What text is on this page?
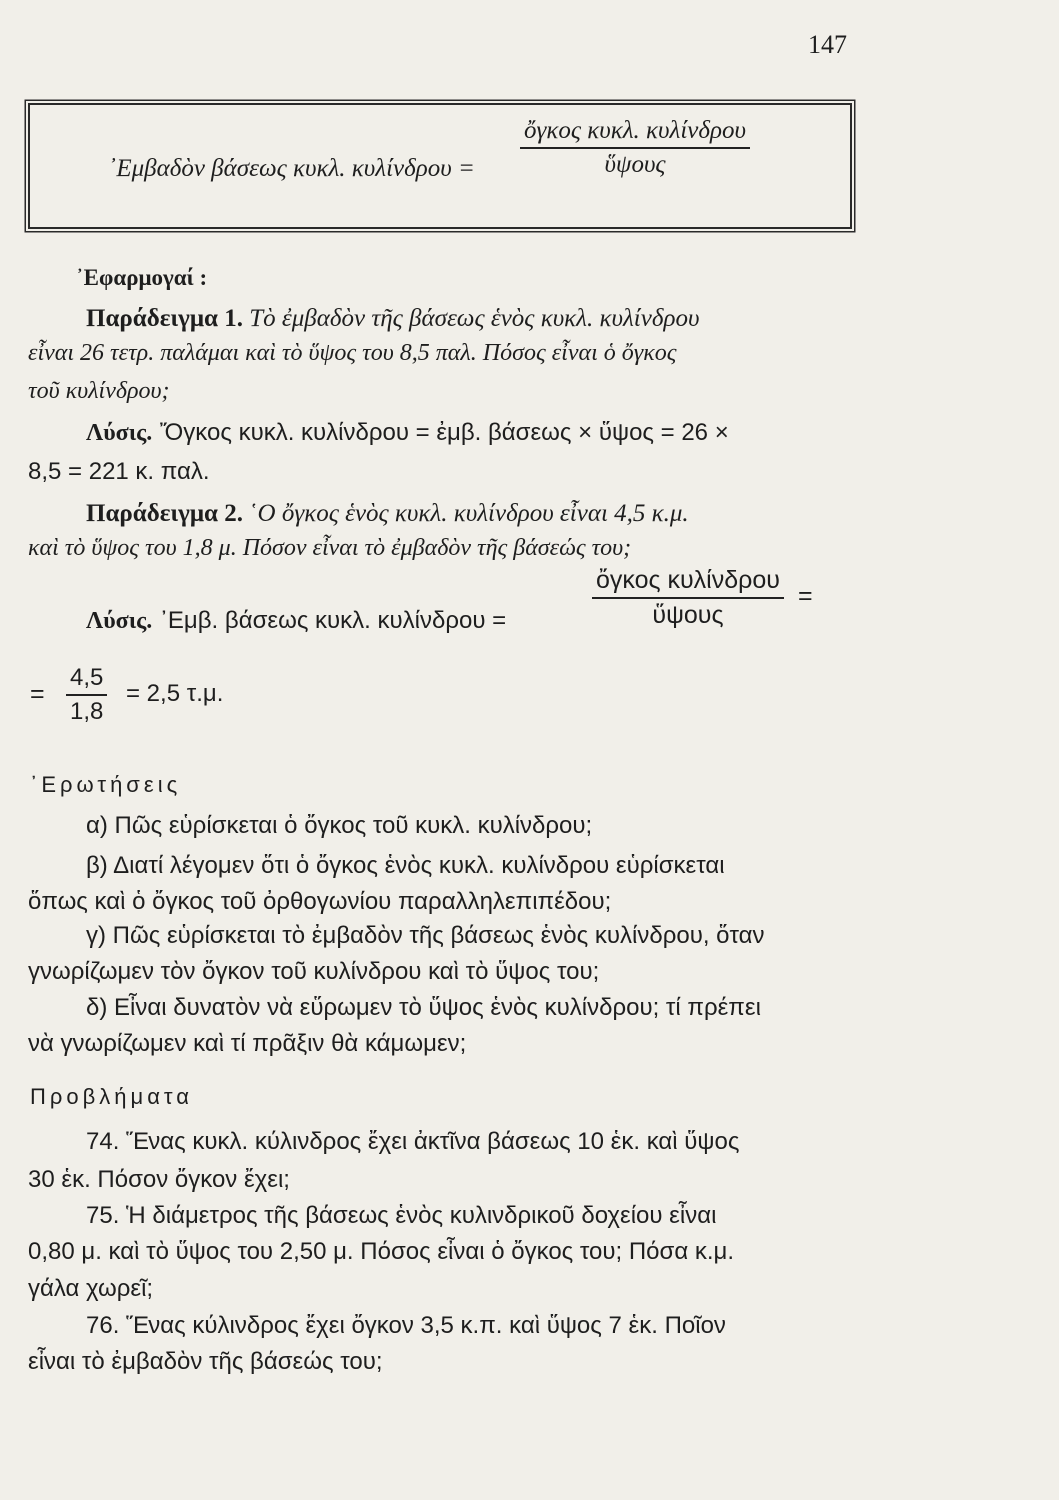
147
᾿Εμβαδὸν βάσεως κυκλ. κυλίνδρου =
ὄγκος κυκλ. κυλίνδρου
ὕψους
᾿Εφαρμογαί :
Παράδειγμα 1. Τὸ ἐμβαδὸν τῆς βάσεως ἑνὸς κυκλ. κυλίνδρου
εἶναι 26 τετρ. παλάμαι καὶ τὸ ὕψος του 8,5 παλ. Πόσος εἶναι ὁ ὄγκος
τοῦ κυλίνδρου;
Λύσις. Ὄγκος κυκλ. κυλίνδρου = ἐμβ. βάσεως × ὕψος = 26 ×
8,5 = 221 κ. παλ.
Παράδειγμα 2. ῾Ο ὄγκος ἑνὸς κυκλ. κυλίνδρου εἶναι 4,5 κ.μ.
καὶ τὸ ὕψος του 1,8 μ. Πόσον εἶναι τὸ ἐμβαδὸν τῆς βάσεώς του;
Λύσις. ᾿Εμβ. βάσεως κυκλ. κυλίνδρου =
ὄγκος κυλίνδρου
ὕψους
=
= $\frac{4,5}{1,8} = 2,5$ τ.μ.
᾿Ερωτήσεις
α) Πῶς εὑρίσκεται ὁ ὄγκος τοῦ κυκλ. κυλίνδρου;
β) Διατί λέγομεν ὅτι ὁ ὄγκος ἑνὸς κυκλ. κυλίνδρου εὑρίσκεται
ὅπως καὶ ὁ ὄγκος τοῦ ὀρθογωνίου παραλληλεπιπέδου;
γ) Πῶς εὑρίσκεται τὸ ἐμβαδὸν τῆς βάσεως ἑνὸς κυλίνδρου, ὅταν
γνωρίζωμεν τὸν ὄγκον τοῦ κυλίνδρου καὶ τὸ ὕψος του;
δ) Εἶναι δυνατὸν νὰ εὕρωμεν τὸ ὕψος ἑνὸς κυλίνδρου; τί πρέπει
νὰ γνωρίζωμεν καὶ τί πρᾶξιν θὰ κάμωμεν;
Προβλήματα
74. Ἕνας κυκλ. κύλινδρος ἔχει ἀκτῖνα βάσεως 10 ἑκ. καὶ ὕψος
30 ἑκ. Πόσον ὄγκον ἔχει;
75. Ἡ διάμετρος τῆς βάσεως ἑνὸς κυλινδρικοῦ δοχείου εἶναι
0,80 μ. καὶ τὸ ὕψος του 2,50 μ. Πόσος εἶναι ὁ ὄγκος του; Πόσα κ.μ.
γάλα χωρεῖ;
76. Ἕνας κύλινδρος ἔχει ὄγκον 3,5 κ.π. καὶ ὕψος 7 ἑκ. Ποῖον
εἶναι τὸ ἐμβαδὸν τῆς βάσεώς του;
